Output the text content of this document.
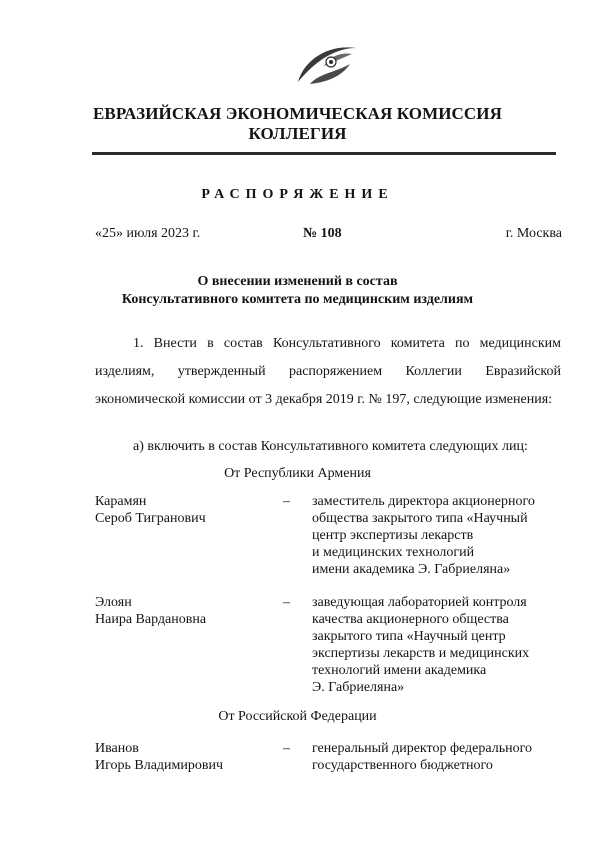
ЕВРАЗИЙСКАЯ ЭКОНОМИЧЕСКАЯ КОМИССИЯ
КОЛЛЕГИЯ
РАСПОРЯЖЕНИЕ
«25» июля 2023 г.	№ 108	г. Москва
О внесении изменений в состав
Консультативного комитета по медицинским изделиям

1. Внести в состав Консультативного комитета по медицинским изделиям, утвержденный распоряжением Коллегии Евразийской экономической комиссии от 3 декабря 2019 г. № 197, следующие изменения:

а) включить в состав Консультативного комитета следующих лиц:
От Республики Армения
Карамян
Сероб Тигранович
– заместитель директора акционерного
общества закрытого типа «Научный
центр экспертизы лекарств
и медицинских технологий
имени академика Э. Габриеляна»
Элоян
Наира Вардановна
– заведующая лабораторией контроля
качества акционерного общества
закрытого типа «Научный центр
экспертизы лекарств и медицинских
технологий имени академика
Э. Габриеляна»
От Российской Федерации
Иванов
Игорь Владимирович
– генеральный директор федерального
государственного бюджетного
